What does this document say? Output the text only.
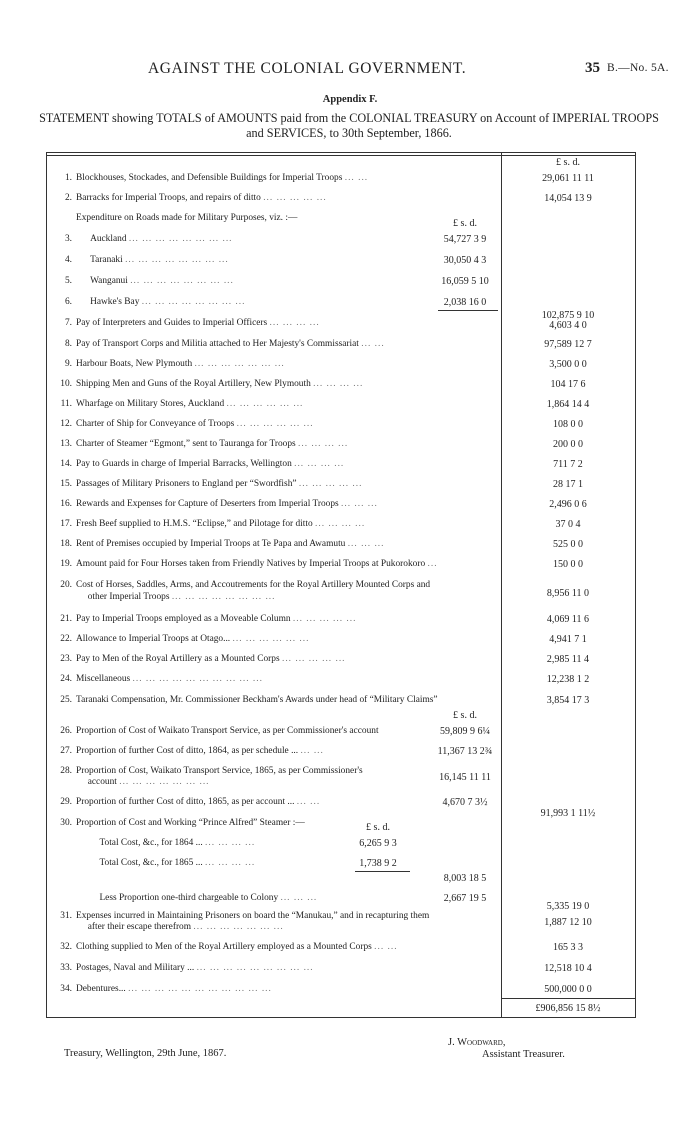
AGAINST THE COLONIAL GOVERNMENT.	35 B.—No. 5A.
Appendix F.
STATEMENT showing TOTALS of AMOUNTS paid from the COLONIAL TREASURY on Account of IMPERIAL TROOPS and SERVICES, to 30th September, 1866.
£ s. d.
1. Blockhouses, Stockades, and Defensible Buildings for Imperial Troops ... ...	29,061 11 11
2. Barracks for Imperial Troops, and repairs of ditto ... ... ... ... ...	14,054 13 9
Expenditure on Roads made for Military Purposes, viz. :—	£ s. d.
3. Auckland ... ... ... ... ... ... ... ...	54,727 3 9
4. Taranaki ... ... ... ... ... ... ... ...	30,050 4 3
5. Wanganui ... ... ... ... ... ... ... ...	16,059 5 10
6. Hawke's Bay ... ... ... ... ... ... ... ...	2,038 16 0
102,875 9 10
7. Pay of Interpreters and Guides to Imperial Officers ... ... ... ...	4,603 4 0
8. Pay of Transport Corps and Militia attached to Her Majesty's Commissariat ... ...	97,589 12 7
9. Harbour Boats, New Plymouth ... ... ... ... ... ... ...	3,500 0 0
10. Shipping Men and Guns of the Royal Artillery, New Plymouth ... ... ... ...	104 17 6
11. Wharfage on Military Stores, Auckland ... ... ... ... ... ...	1,864 14 4
12. Charter of Ship for Conveyance of Troops ... ... ... ... ... ...	108 0 0
13. Charter of Steamer “Egmont,” sent to Tauranga for Troops ... ... ... ...	200 0 0
14. Pay to Guards in charge of Imperial Barracks, Wellington ... ... ... ...	711 7 2
15. Passages of Military Prisoners to England per “Swordfish” ... ... ... ... ...	28 17 1
16. Rewards and Expenses for Capture of Deserters from Imperial Troops ... ... ...	2,496 0 6
17. Fresh Beef supplied to H.M.S. “Eclipse,” and Pilotage for ditto ... ... ... ...	37 0 4
18. Rent of Premises occupied by Imperial Troops at Te Papa and Awamutu ... ... ...	525 0 0
19. Amount paid for Four Horses taken from Friendly Natives by Imperial Troops at Pukorokoro ...	150 0 0
20. Cost of Horses, Saddles, Arms, and Accoutrements for the Royal Artillery Mounted Corps and
other Imperial Troops ... ... ... ... ... ... ... ...	8,956 11 0
21. Pay to Imperial Troops employed as a Moveable Column ... ... ... ... ...	4,069 11 6
22. Allowance to Imperial Troops at Otago... ... ... ... ... ... ...	4,941 7 1
23. Pay to Men of the Royal Artillery as a Mounted Corps ... ... ... ... ...	2,985 11 4
24. Miscellaneous ... ... ... ... ... ... ... ... ... ...	12,238 1 2
25. Taranaki Compensation, Mr. Commissioner Beckham's Awards under head of “Military Claims”	3,854 17 3
£ s. d.
26. Proportion of Cost of Waikato Transport Service, as per Commissioner's account	59,809 9 6¼
27. Proportion of further Cost of ditto, 1864, as per schedule ... ... ...	11,367 13 2¾
28. Proportion of Cost, Waikato Transport Service, 1865, as per Commissioner's
account ... ... ... ... ... ... ...	16,145 11 11
29. Proportion of further Cost of ditto, 1865, as per account ... ... ...	4,670 7 3½
91,993 1 11½
30. Proportion of Cost and Working “Prince Alfred” Steamer :—	£ s. d.
Total Cost, &c., for 1864 ... ... ... ... ...	6,265 9 3
Total Cost, &c., for 1865 ... ... ... ... ...	1,738 9 2
8,003 18 5
Less Proportion one-third chargeable to Colony ... ... ...	2,667 19 5
5,335 19 0
31. Expenses incurred in Maintaining Prisoners on board the “Manukau,” and in recapturing them
after their escape therefrom ... ... ... ... ... ... ...	1,887 12 10
32. Clothing supplied to Men of the Royal Artillery employed as a Mounted Corps ... ...	165 3 3
33. Postages, Naval and Military ... ... ... ... ... ... ... ... ... ...	12,518 10 4
34. Debentures... ... ... ... ... ... ... ... ... ... ... ...	500,000 0 0
£906,856 15 8½
Treasury, Wellington, 29th June, 1867.
J. Woodward,
Assistant Treasurer.
